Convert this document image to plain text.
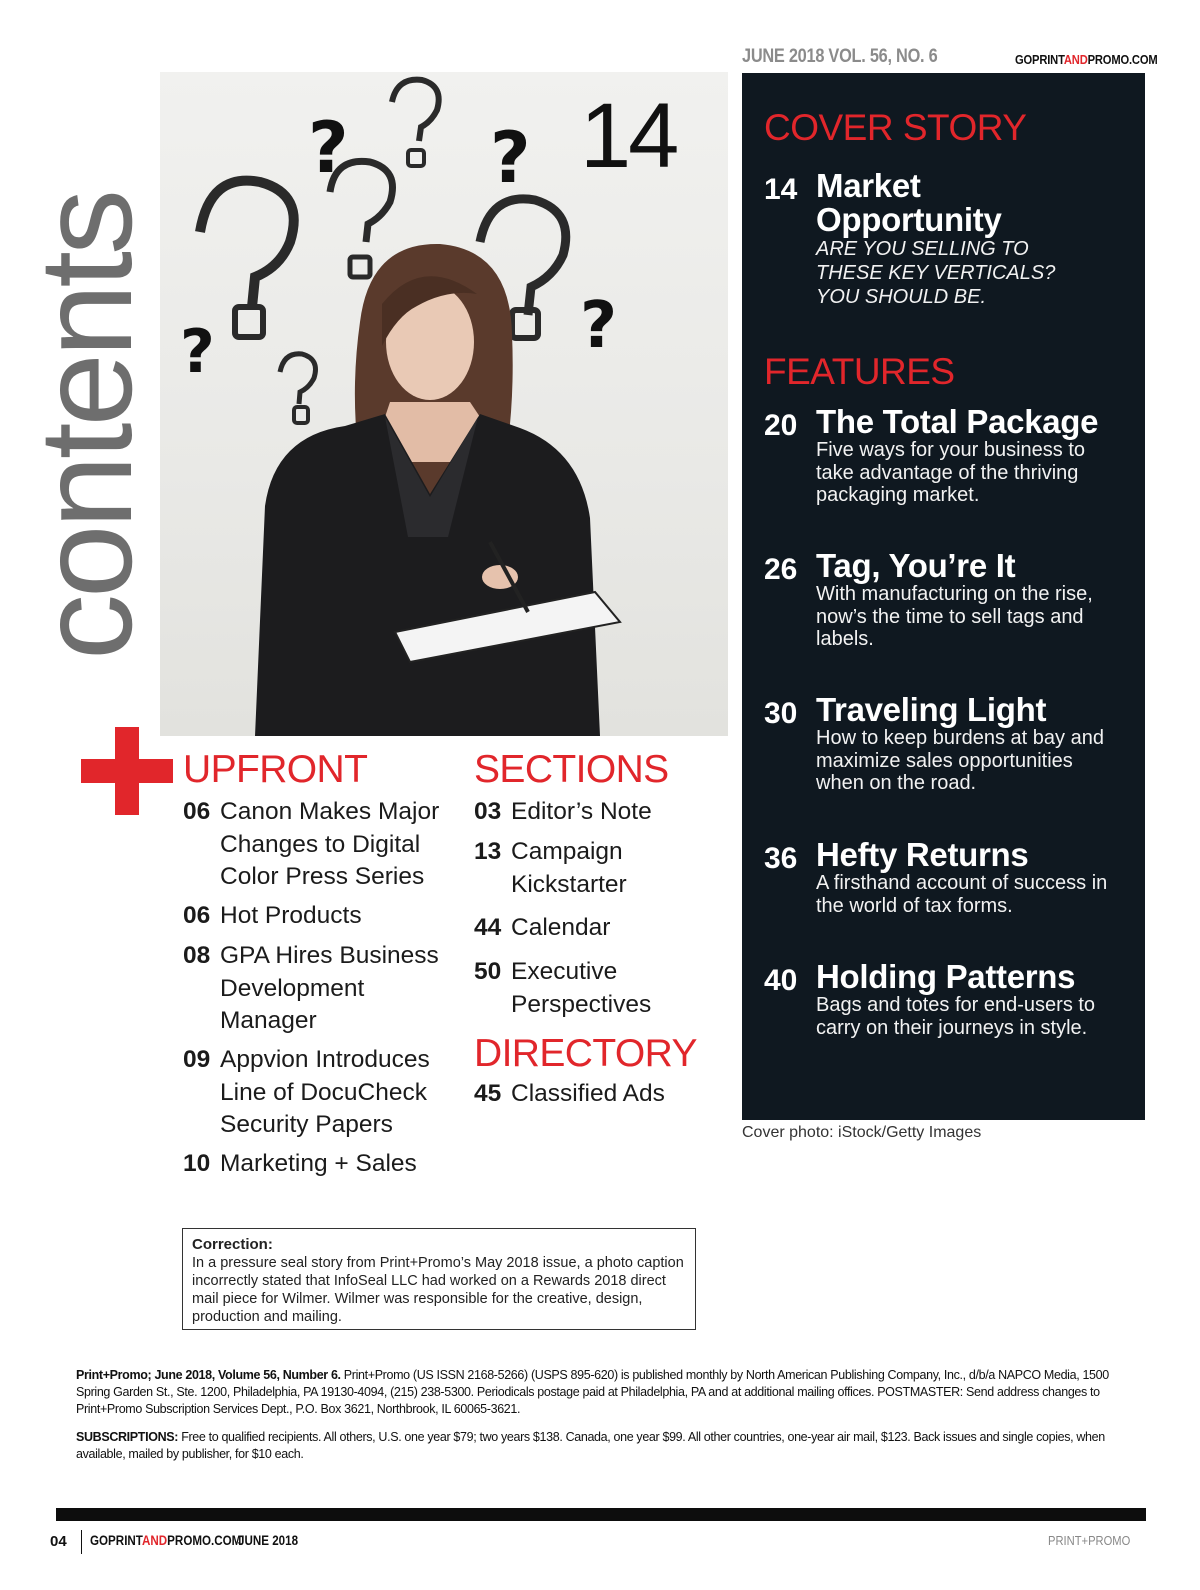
JUNE 2018 VOL. 56, NO. 6	GOPRINTANDPROMO.COM
contents
? ?
?	?
14 COVER STORY
14 Market Opportunity
ARE YOU SELLING TO THESE KEY VERTICALS? YOU SHOULD BE.
FEATURES
20 The Total Package
Five ways for your business to take advantage of the thriving packaging market.
26 Tag, You’re It
With manufacturing on the rise, now’s the time to sell tags and labels.
30 Traveling Light
How to keep burdens at bay and maximize sales opportunities when on the road.
36 Hefty Returns
A firsthand account of success in the world of tax forms.
40 Holding Patterns
Bags and totes for end-users to carry on their journeys in style.
Cover photo: iStock/Getty Images
UPFRONT
06 Canon Makes Major Changes to Digital Color Press Series
06 Hot Products
08 GPA Hires Business Development Manager
09 Appvion Introduces Line of DocuCheck Security Papers
10 Marketing + Sales
SECTIONS
03 Editor’s Note
13 Campaign Kickstarter
44 Calendar
50 Executive Perspectives
DIRECTORY
45 Classified Ads
Correction:
In a pressure seal story from Print+Promo’s May 2018 issue, a photo caption incorrectly stated that InfoSeal LLC had worked on a Rewards 2018 direct mail piece for Wilmer. Wilmer was responsible for the creative, design, production and mailing.
Print+Promo; June 2018, Volume 56, Number 6. Print+Promo (US ISSN 2168-5266) (USPS 895-620) is published monthly by North American Publishing Company, Inc., d/b/a NAPCO Media, 1500 Spring Garden St., Ste. 1200, Philadelphia, PA 19130-4094, (215) 238-5300. Periodicals postage paid at Philadelphia, PA and at additional mailing offices. POSTMASTER: Send address changes to Print+Promo Subscription Services Dept., P.O. Box 3621, Northbrook, IL 60065-3621.
SUBSCRIPTIONS: Free to qualified recipients. All others, U.S. one year $79; two years $138. Canada, one year $99. All other countries, one-year air mail, $123. Back issues and single copies, when available, mailed by publisher, for $10 each.
04 GOPRINTANDPROMO.COM
JUNE 2018	PRINT+PROMO
